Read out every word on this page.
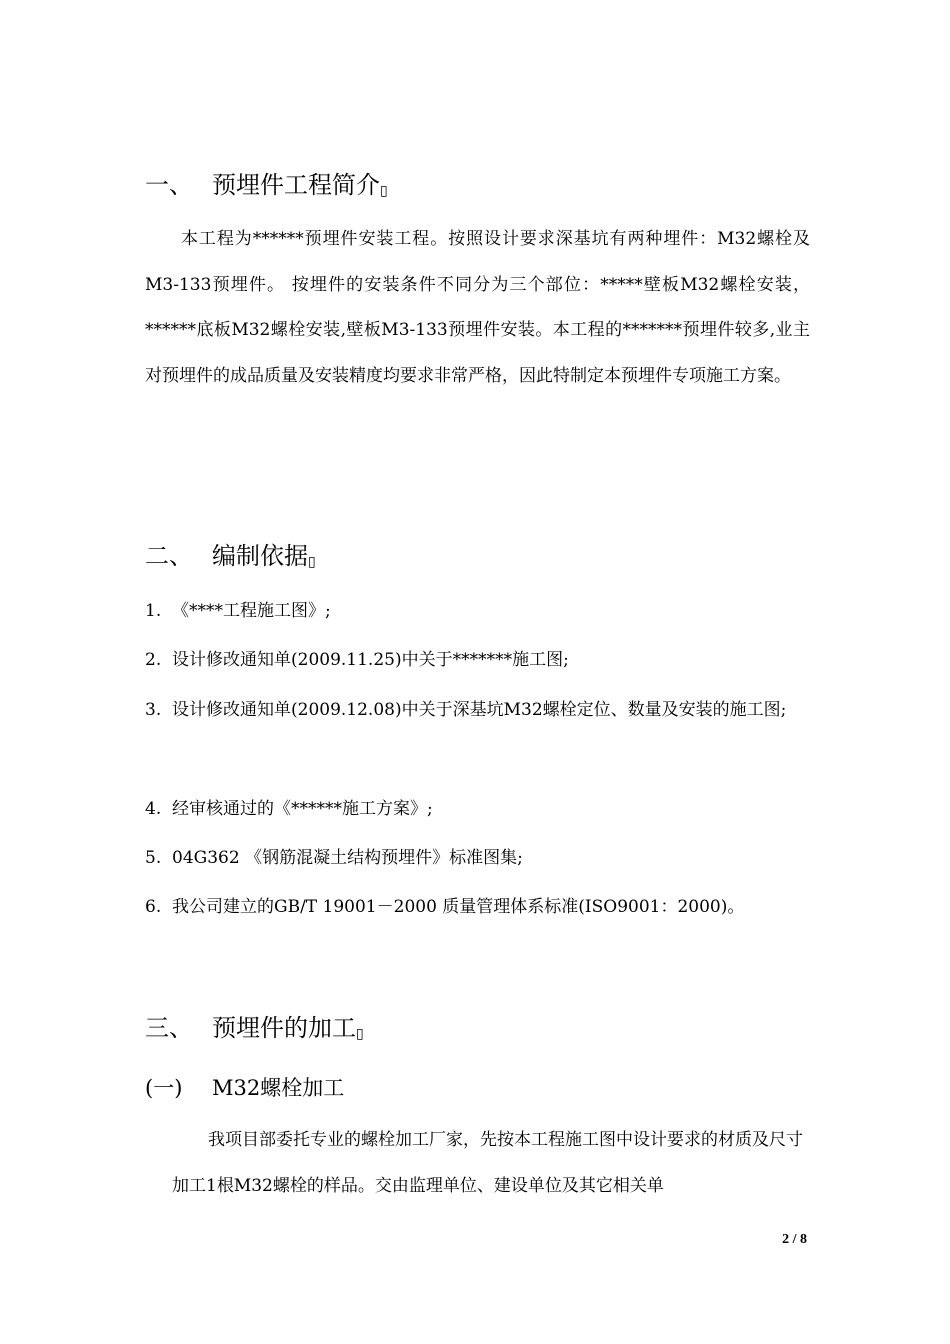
一、 预埋件工程简介▯

本工程为******预埋件安装工程。按照设计要求深基坑有两种埋件：M32螺栓及M3-133预埋件。 按埋件的安装条件不同分为三个部位：*****壁板M32螺栓安装，******底板M32螺栓安装,壁板M3-133预埋件安装。本工程的*******预埋件较多,业主对预埋件的成品质量及安装精度均要求非常严格，因此特制定本预埋件专项施工方案。

二、 编制依据▯

1. 《****工程施工图》;

2. 设计修改通知单(2009.11.25)中关于*******施工图;

3. 设计修改通知单(2009.12.08)中关于深基坑M32螺栓定位、数量及安装的施工图;

4. 经审核通过的《******施工方案》;

5. 04G362 《钢筋混凝土结构预埋件》标准图集;

6. 我公司建立的GB/T 19001－2000 质量管理体系标准(ISO9001：2000)。

三、 预埋件的加工▯
(一) M32螺栓加工

我项目部委托专业的螺栓加工厂家，先按本工程施工图中设计要求的材质及尺寸加工1根M32螺栓的样品。交由监理单位、建设单位及其它相关单

2 / 8
